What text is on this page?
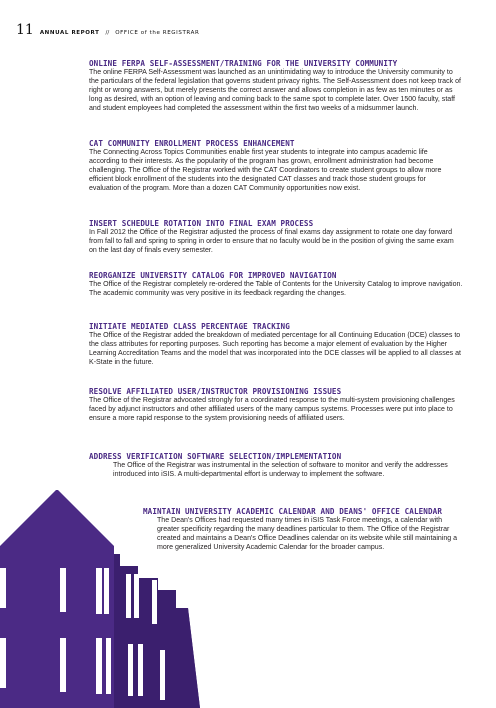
11 ANNUAL REPORT // OFFICE of the REGISTRAR
ONLINE FERPA SELF-ASSESSMENT/TRAINING FOR THE UNIVERSITY COMMUNITY
The online FERPA Self-Assessment was launched as an unintimidating way to introduce the University community to the particulars of the federal legislation that governs student privacy rights. The Self-Assessment does not keep track of right or wrong answers, but merely presents the correct answer and allows completion in as few as ten minutes or as long as desired, with an option of leaving and coming back to the same spot to complete later. Over 1500 faculty, staff and student employees had completed the assessment within the first two weeks of a midsummer launch.
CAT COMMUNITY ENROLLMENT PROCESS ENHANCEMENT
The Connecting Across Topics Communities enable first year students to integrate into campus academic life according to their interests. As the popularity of the program has grown, enrollment administration had become challenging. The Office of the Registrar worked with the CAT Coordinators to create student groups to allow more efficient block enrollment of the students into the designated CAT classes and track those student groups for evaluation of the program. More than a dozen CAT Community opportunities now exist.
INSERT SCHEDULE ROTATION INTO FINAL EXAM PROCESS
In Fall 2012 the Office of the Registrar adjusted the process of final exams day assignment to rotate one day forward from fall to fall and spring to spring in order to ensure that no faculty would be in the position of giving the same exam on the last day of finals every semester.
REORGANIZE UNIVERSITY CATALOG FOR IMPROVED NAVIGATION
The Office of the Registrar completely re-ordered the Table of Contents for the University Catalog to improve navigation. The academic community was very positive in its feedback regarding the changes.
INITIATE MEDIATED CLASS PERCENTAGE TRACKING
The Office of the Registrar added the breakdown of mediated percentage for all Continuing Education (DCE) classes to the class attributes for reporting purposes. Such reporting has become a major element of evaluation by the Higher Learning Accreditation Teams and the model that was incorporated into the DCE classes will be applied to all classes at K-State in the future.
RESOLVE AFFILIATED USER/INSTRUCTOR PROVISIONING ISSUES
The Office of the Registrar advocated strongly for a coordinated response to the multi-system provisioning challenges faced by adjunct instructors and other affiliated users of the many campus systems. Processes were put into place to ensure a more rapid response to the system provisioning needs of affiliated users.
ADDRESS VERIFICATION SOFTWARE SELECTION/IMPLEMENTATION
The Office of the Registrar was instrumental in the selection of software to monitor and verify the addresses introduced into iSIS. A multi-departmental effort is underway to implement the software.
MAINTAIN UNIVERSITY ACADEMIC CALENDAR AND DEANS' OFFICE CALENDAR
The Dean's Offices had requested many times in iSIS Task Force meetings, a calendar with greater specificity regarding the many deadlines particular to them. The Office of the Registrar created and maintains a Dean's Office Deadlines calendar on its website while still maintaining a more generalized University Academic Calendar for the broader campus.
